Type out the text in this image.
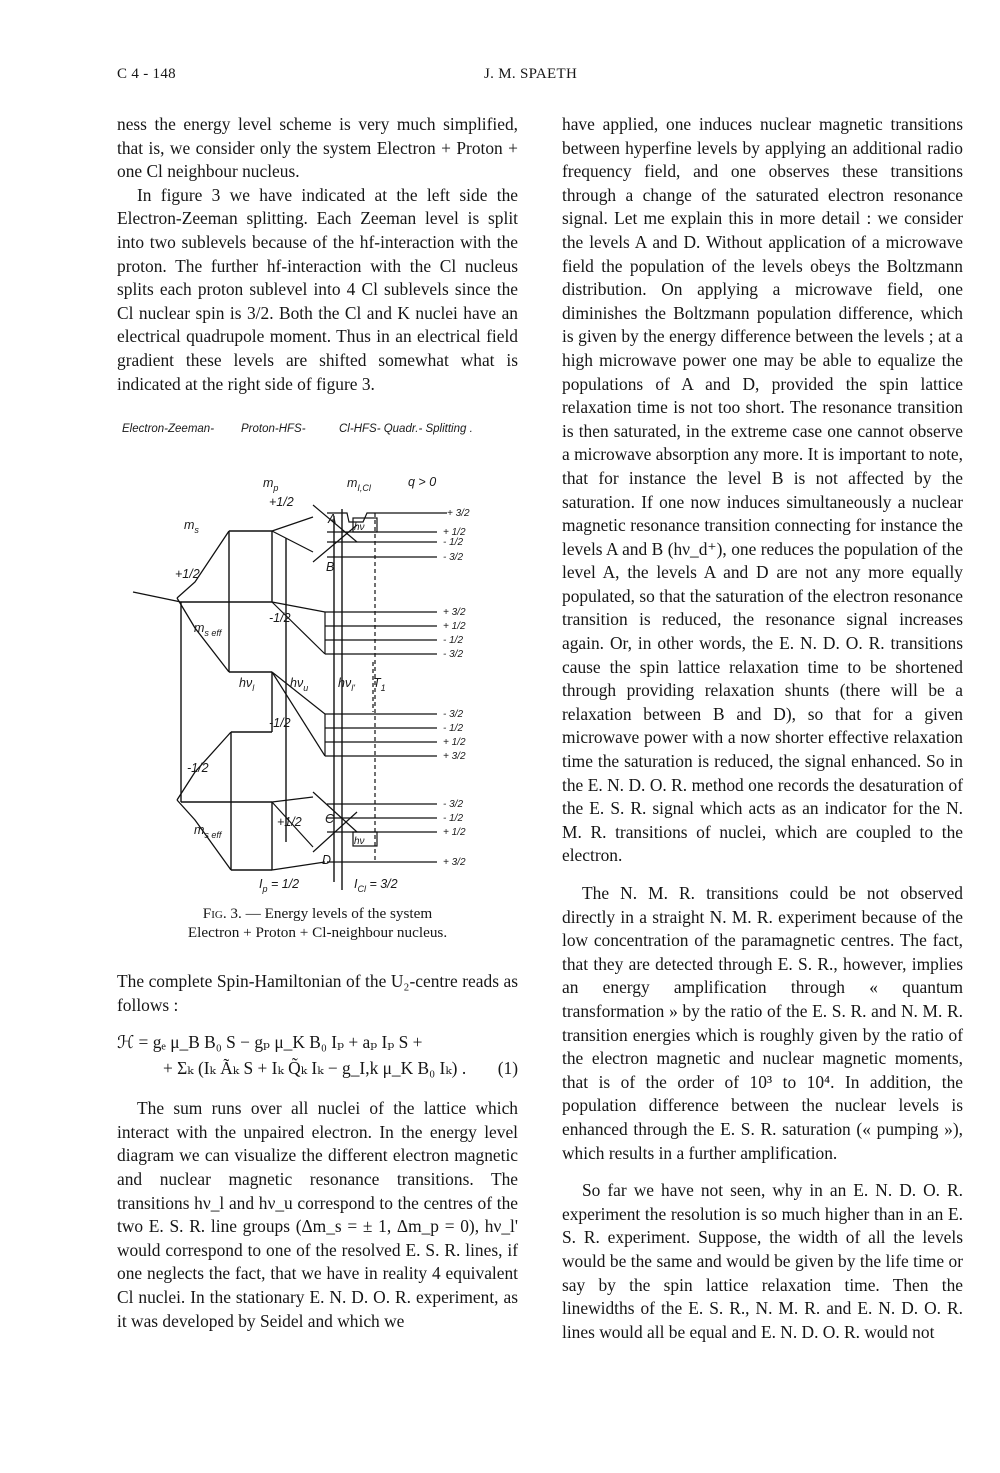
C 4 - 148	J. M. SPAETH

ness the energy level scheme is very much simplified, that is, we consider only the system Electron + Proton + one Cl neighbour nucleus.

In figure 3 we have indicated at the left side the Electron-Zeeman splitting. Each Zeeman level is split into two sublevels because of the hf-interaction with the proton. The further hf-interaction with the Cl nucleus splits each proton sublevel into 4 Cl sublevels since the Cl nuclear spin is 3/2. Both the Cl and K nuclei have an electrical quadrupole moment. Thus in an electrical field gradient these levels are shifted somewhat what is indicated at the right side of figure 3.

Electron-Zeeman- Proton-HFS-	Cl-HFS- Quadr.- Splitting .
$m_p$
+1/2
$m_{I,Cl}$	q > 0
A
B
C
D
$m_s$
+1/2
$m_{s eff}$
-1/2
-1/2
-1/2
$m_{s eff}$
+1/2
$h\nu_l$	$h\nu_u$ $h\nu_{l'}$ $T_1$
hν
hν
$I_p = 1/2$	$I_{Cl} = 3/2$
+ 3/2
+ 1/2
- 1/2
- 3/2
+ 3/2
+ 1/2
- 1/2
- 3/2
- 3/2
- 1/2
+ 1/2
+ 3/2
- 3/2
- 1/2
+ 1/2
+ 3/2
Fig. 3. — Energy levels of the system
Electron + Proton + Cl-neighbour nucleus.

The complete Spin-Hamiltonian of the U₂-centre reads as follows :

ℋ = gₑ μ_B B₀ S − gₚ μ_K B₀ Iₚ + aₚ Iₚ S +
+ Σₖ (Iₖ Ãₖ S + Iₖ Q̃ₖ Iₖ − g_I,k μ_K B₀ Iₖ) . (1)

The sum runs over all nuclei of the lattice which interact with the unpaired electron. In the energy level diagram we can visualize the different electron magnetic and nuclear magnetic resonance transitions. The transitions hν_l and hν_u correspond to the centres of the two E. S. R. line groups (Δm_s = ± 1, Δm_p = 0), hν_l' would correspond to one of the resolved E. S. R. lines, if one neglects the fact, that we have in reality 4 equivalent Cl nuclei. In the stationary E. N. D. O. R. experiment, as it was developed by Seidel and which we

have applied, one induces nuclear magnetic transitions between hyperfine levels by applying an additional radio frequency field, and one observes these transitions through a change of the saturated electron resonance signal. Let me explain this in more detail : we consider the levels A and D. Without application of a microwave field the population of the levels obeys the Boltzmann distribution. On applying a microwave field, one diminishes the Boltzmann population difference, which is given by the energy difference between the levels ; at a high microwave power one may be able to equalize the populations of A and D, provided the spin lattice relaxation time is not too short. The resonance transition is then saturated, in the extreme case one cannot observe a microwave absorption any more. It is important to note, that for instance the level B is not affected by the saturation. If one now induces simultaneously a nuclear magnetic resonance transition connecting for instance the levels A and B (hν_d⁺), one reduces the population of the level A, the levels A and D are not any more equally populated, so that the saturation of the electron resonance transition is reduced, the resonance signal increases again. Or, in other words, the E. N. D. O. R. transitions cause the spin lattice relaxation time to be shortened through providing relaxation shunts (there will be a relaxation between B and D), so that for a given microwave power with a now shorter effective relaxation time the saturation is reduced, the signal enhanced. So in the E. N. D. O. R. method one records the desaturation of the E. S. R. signal which acts as an indicator for the N. M. R. transitions of nuclei, which are coupled to the electron.

The N. M. R. transitions could be not observed directly in a straight N. M. R. experiment because of the low concentration of the paramagnetic centres. The fact, that they are detected through E. S. R., however, implies an energy amplification through « quantum transformation » by the ratio of the E. S. R. and N. M. R. transition energies which is roughly given by the ratio of the electron magnetic and nuclear magnetic moments, that is of the order of 10³ to 10⁴. In addition, the population difference between the nuclear levels is enhanced through the E. S. R. saturation (« pumping »), which results in a further amplification.

So far we have not seen, why in an E. N. D. O. R. experiment the resolution is so much higher than in an E. S. R. experiment. Suppose, the width of all the levels would be the same and would be given by the life time or say by the spin lattice relaxation time. Then the linewidths of the E. S. R., N. M. R. and E. N. D. O. R. lines would all be equal and E. N. D. O. R. would not
